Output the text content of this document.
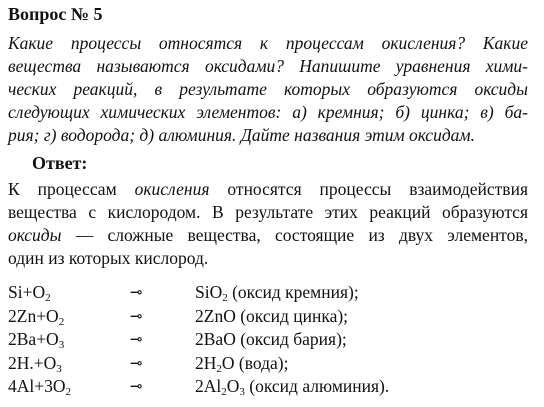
Вопрос № 5
Какие процессы относятся к процессам окисления? Какие
вещества называются оксидами? Напишите уравнения хими-
ческих реакций, в результате которых образуются оксиды
следующих химических элементов: а) кремния; б) цинка; в) ба-
рия; г) водорода; д) алюминия. Дайте названия этим оксидам.
Ответ:
К процессам окисления относятся процессы взаимодействия
вещества с кислородом. В результате этих реакций образуются
оксиды — сложные вещества, состоящие из двух элементов,
один из которых кислород.
$Si+O_2$	⊸	SiO$_2$ (оксид кремния);
$2Zn+O_2$	⊸	2ZnO (оксид цинка);
$2Ba+O_3$	⊸	2BaO (оксид бария);
$2H.+O_3$	⊸	$2H_2O$ (вода);
$4Al+3O_2$	⊸	$2Al_2O_3$ (оксид алюминия).
